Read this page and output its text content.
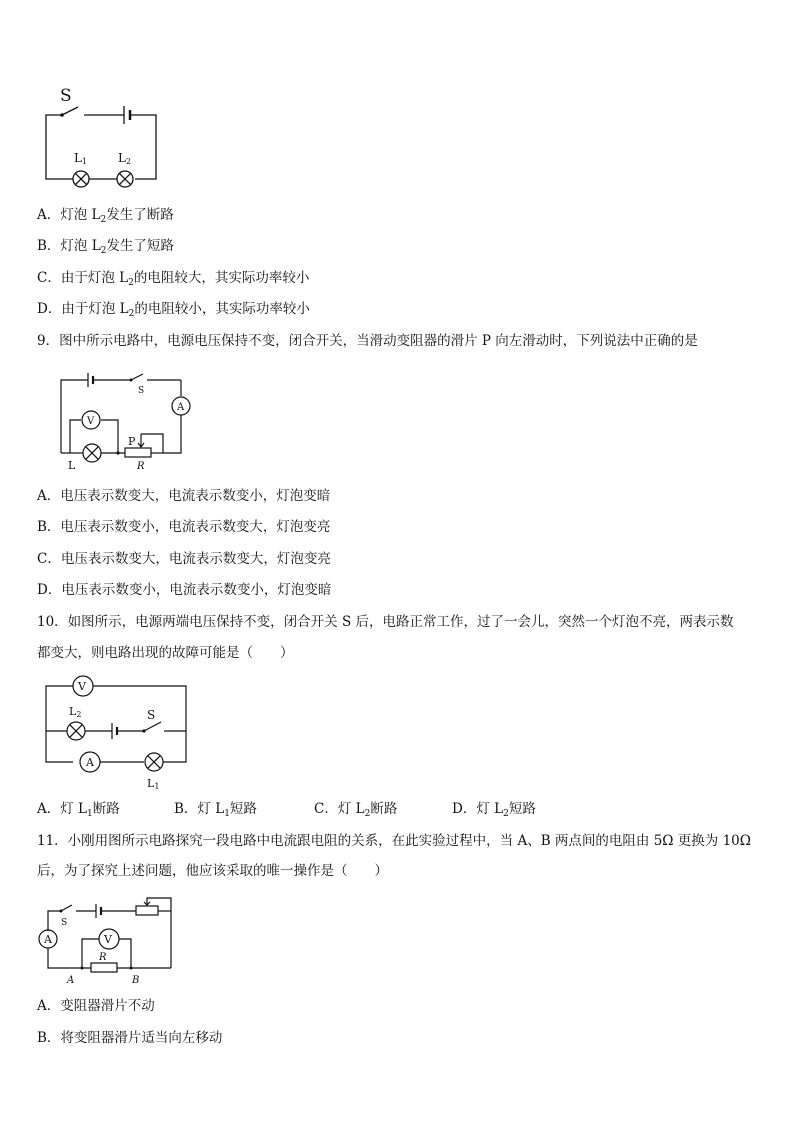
S
L1	L2
A．灯泡 $L_2$发生了断路
B．灯泡 $L_2$发生了短路
C．由于灯泡 $L_2$的电阻较大，其实际功率较小
D．由于灯泡 $L_2$的电阻较小，其实际功率较小
9．图中所示电路中，电源电压保持不变，闭合开关，当滑动变阻器的滑片 P 向左滑动时，下列说法中正确的是
S
A
V
P
L	R
A．电压表示数变大，电流表示数变小，灯泡变暗
B．电压表示数变小，电流表示数变大，灯泡变亮
C．电压表示数变大，电流表示数变大，灯泡变亮
D．电压表示数变小，电流表示数变小，灯泡变暗
10．如图所示，电源两端电压保持不变，闭合开关 S 后，电路正常工作，过了一会儿，突然一个灯泡不亮，两表示数
都变大，则电路出现的故障可能是（　　）
V
L2	S
A
L1
A．灯 $L_1$断路	B．灯 $L_1$短路	C．灯 $L_2$断路	D．灯 $L_2$短路
11．小刚用图所示电路探究一段电路中电流跟电阻的关系，在此实验过程中，当 A、B 两点间的电阻由 5Ω 更换为 10Ω
后，为了探究上述问题，他应该采取的唯一操作是（　　）
S
A	V
R
A	B
A．变阻器滑片不动
B．将变阻器滑片适当向左移动
